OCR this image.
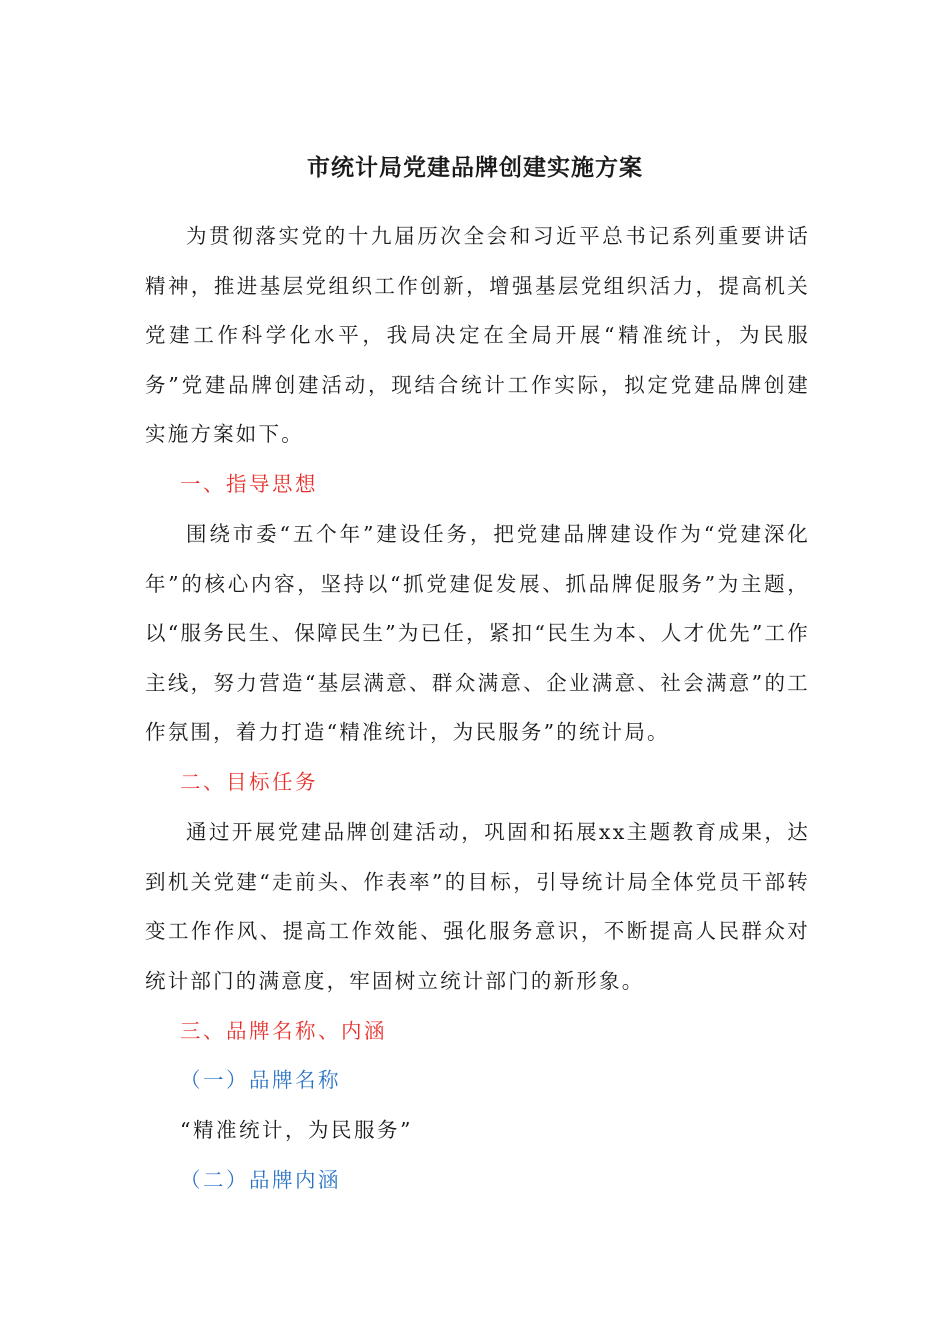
市统计局党建品牌创建实施方案

为贯彻落实党的十九届历次全会和习近平总书记系列重要讲话精神，推进基层党组织工作创新，增强基层党组织活力，提高机关党建工作科学化水平，我局决定在全局开展“精准统计，为民服务”党建品牌创建活动，现结合统计工作实际，拟定党建品牌创建实施方案如下。

一、指导思想

围绕市委“五个年”建设任务，把党建品牌建设作为“党建深化年”的核心内容，坚持以“抓党建促发展、抓品牌促服务”为主题，以“服务民生、保障民生”为已任，紧扣“民生为本、人才优先”工作主线，努力营造“基层满意、群众满意、企业满意、社会满意”的工作氛围，着力打造“精准统计，为民服务”的统计局。

二、目标任务

通过开展党建品牌创建活动，巩固和拓展xx主题教育成果，达到机关党建“走前头、作表率”的目标，引导统计局全体党员干部转变工作作风、提高工作效能、强化服务意识，不断提高人民群众对统计部门的满意度，牢固树立统计部门的新形象。

三、品牌名称、内涵

（一）品牌名称

“精准统计，为民服务”

（二）品牌内涵
